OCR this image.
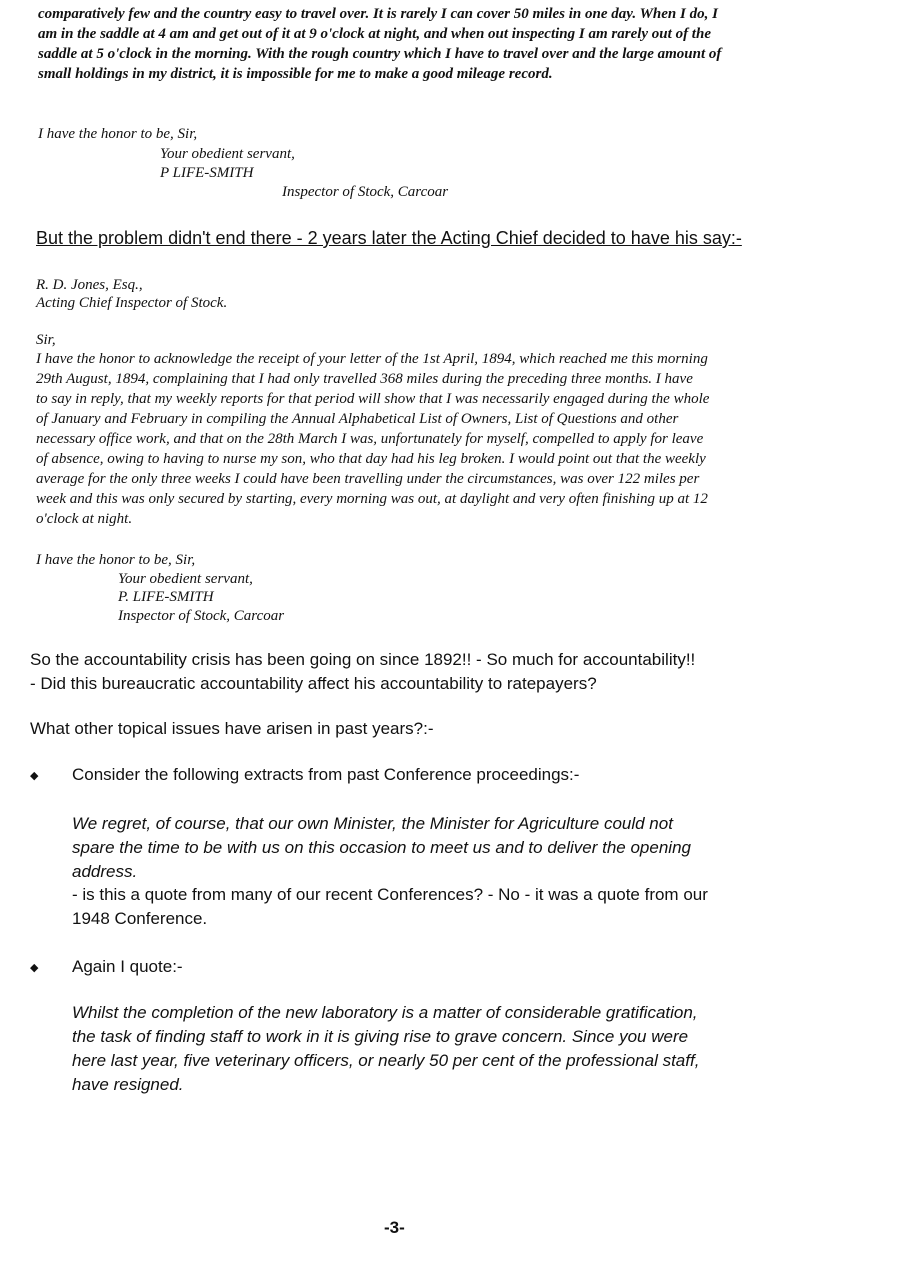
comparatively few and the country easy to travel over. It is rarely I can cover 50 miles in one day. When I do, I
am in the saddle at 4 am and get out of it at 9 o'clock at night, and when out inspecting I am rarely out of the
saddle at 5 o'clock in the morning. With the rough country which I have to travel over and the large amount of
small holdings in my district, it is impossible for me to make a good mileage record.

I have the honor to be, Sir,

Your obedient servant,

P LIFE-SMITH

Inspector of Stock, Carcoar

But the problem didn't end there - 2 years later the Acting Chief decided to have his say:-

R. D. Jones, Esq.,

Acting Chief Inspector of Stock.

Sir,

I have the honor to acknowledge the receipt of your letter of the 1st April, 1894, which reached me this morning
29th August, 1894, complaining that I had only travelled 368 miles during the preceding three months. I have
to say in reply, that my weekly reports for that period will show that I was necessarily engaged during the whole
of January and February in compiling the Annual Alphabetical List of Owners, List of Questions and other
necessary office work, and that on the 28th March I was, unfortunately for myself, compelled to apply for leave
of absence, owing to having to nurse my son, who that day had his leg broken. I would point out that the weekly
average for the only three weeks I could have been travelling under the circumstances, was over 122 miles per
week and this was only secured by starting, every morning was out, at daylight and very often finishing up at 12
o'clock at night.

I have the honor to be, Sir,

Your obedient servant,

P. LIFE-SMITH

Inspector of Stock, Carcoar

So the accountability crisis has been going on since 1892!! - So much for accountability!!

- Did this bureaucratic accountability affect his accountability to ratepayers?

What other topical issues have arisen in past years?:-

◆ Consider the following extracts from past Conference proceedings:-

We regret, of course, that our own Minister, the Minister for Agriculture could not
spare the time to be with us on this occasion to meet us and to deliver the opening
address.
- is this a quote from many of our recent Conferences? - No - it was a quote from our
1948 Conference.
◆ Again I quote:-

Whilst the completion of the new laboratory is a matter of considerable gratification,
the task of finding staff to work in it is giving rise to grave concern. Since you were
here last year, five veterinary officers, or nearly 50 per cent of the professional staff,
have resigned.

-3-
